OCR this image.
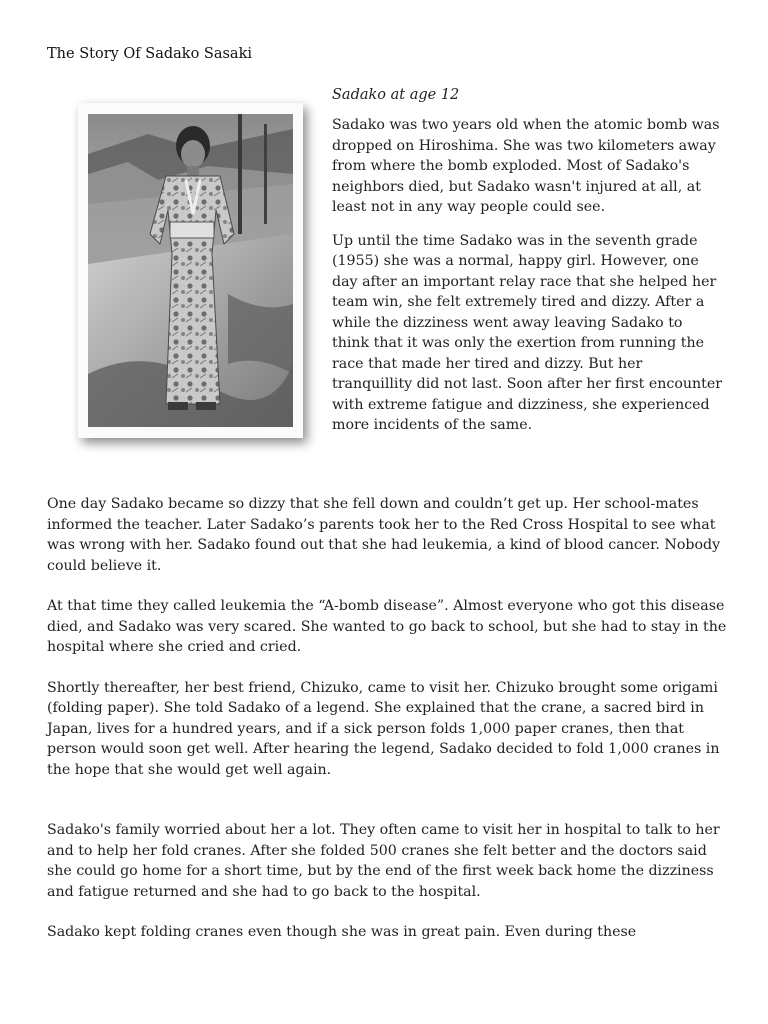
The Story Of Sadako Sasaki
Sadako at age 12

Sadako was two years old when the atomic bomb was dropped on Hiroshima. She was two kilometers away from where the bomb exploded. Most of Sadako's neighbors died, but Sadako wasn't injured at all, at least not in any way people could see.

Up until the time Sadako was in the seventh grade (1955) she was a normal, happy girl. However, one day after an important relay race that she helped her team win, she felt extremely tired and dizzy. After a while the dizziness went away leaving Sadako to think that it was only the exertion from running the race that made her tired and dizzy. But her tranquillity did not last. Soon after her first encounter with extreme fatigue and dizziness, she experienced more incidents of the same.

One day Sadako became so dizzy that she fell down and couldn’t get up. Her school-mates informed the teacher. Later Sadako’s parents took her to the Red Cross Hospital to see what was wrong with her. Sadako found out that she had leukemia, a kind of blood cancer. Nobody could believe it.

At that time they called leukemia the “A-bomb disease”. Almost everyone who got this disease died, and Sadako was very scared. She wanted to go back to school, but she had to stay in the hospital where she cried and cried.

Shortly thereafter, her best friend, Chizuko, came to visit her. Chizuko brought some origami (folding paper). She told Sadako of a legend. She explained that the crane, a sacred bird in Japan, lives for a hundred years, and if a sick person folds 1,000 paper cranes, then that person would soon get well. After hearing the legend, Sadako decided to fold 1,000 cranes in the hope that she would get well again.

Sadako's family worried about her a lot. They often came to visit her in hospital to talk to her and to help her fold cranes. After she folded 500 cranes she felt better and the doctors said she could go home for a short time, but by the end of the first week back home the dizziness and fatigue returned and she had to go back to the hospital.

Sadako kept folding cranes even though she was in great pain. Even during these
